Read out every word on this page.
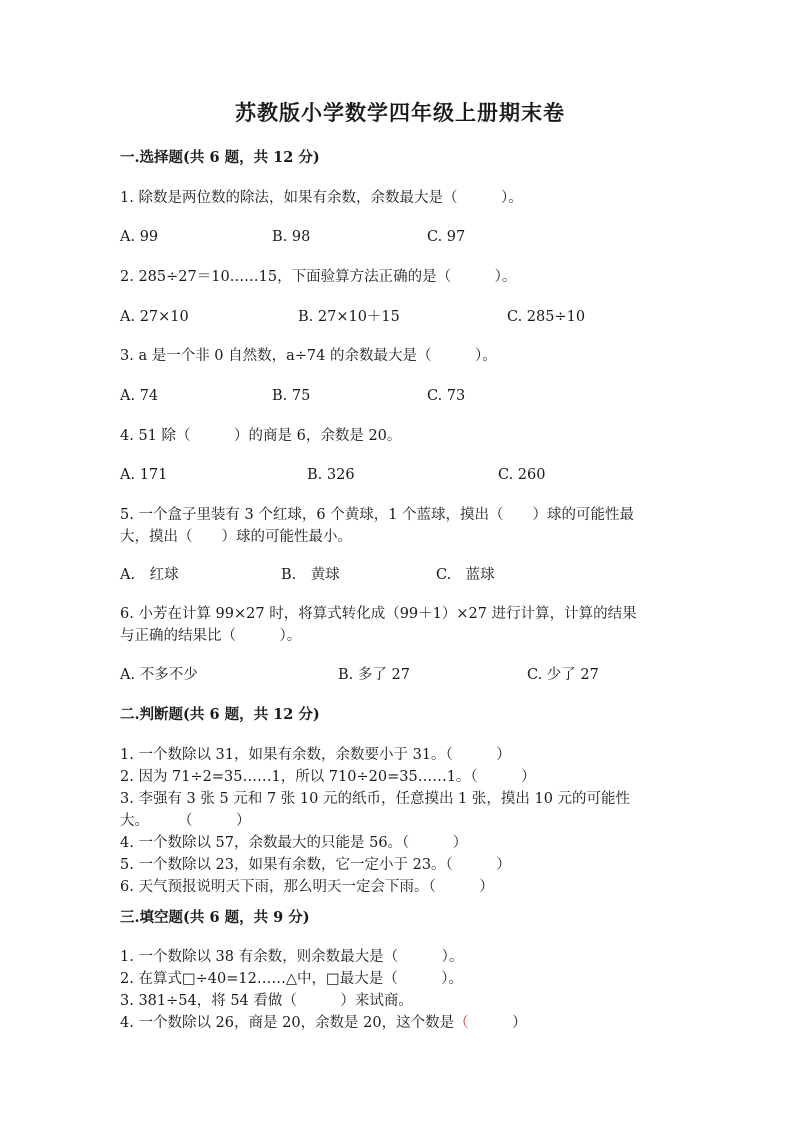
苏教版小学数学四年级上册期末卷
一.选择题(共 6 题，共 12 分)
1. 除数是两位数的除法，如果有余数，余数最大是（　　　）。
A. 99	B. 98	C. 97
2. 285÷27＝10……15，下面验算方法正确的是（　　　）。
A. 27×10	B. 27×10＋15	C. 285÷10
3. a 是一个非 0 自然数，a÷74 的余数最大是（　　　）。
A. 74	B. 75	C. 73
4. 51 除（　　　）的商是 6，余数是 20。
A. 171	B. 326	C. 260
5. 一个盒子里装有 3 个红球，6 个黄球，1 个蓝球，摸出（　　）球的可能性最
大，摸出（　　）球的可能性最小。
A.　红球	B.　黄球	C.　蓝球
6. 小芳在计算 99×27 时，将算式转化成（99＋1）×27 进行计算，计算的结果
与正确的结果比（　　　）。
A. 不多不少	B. 多了 27	C. 少了 27
二.判断题(共 6 题，共 12 分)
1. 一个数除以 31，如果有余数，余数要小于 31。（　　　）
2. 因为 71÷2=35……1，所以 710÷20=35……1。（　　　）
3. 李强有 3 张 5 元和 7 张 10 元的纸币，任意摸出 1 张，摸出 10 元的可能性
大。　　　（　　　）
4. 一个数除以 57，余数最大的只能是 56。（　　　）
5. 一个数除以 23，如果有余数，它一定小于 23。（　　　）
6. 天气预报说明天下雨，那么明天一定会下雨。（　　　）
三.填空题(共 6 题，共 9 分)
1. 一个数除以 38 有余数，则余数最大是（　　　）。
2. 在算式□÷40=12……△中，□最大是（　　　）。
3. 381÷54，将 54 看做（　　　）来试商。
4. 一个数除以 26，商是 20，余数是 20，这个数是（　　　）
